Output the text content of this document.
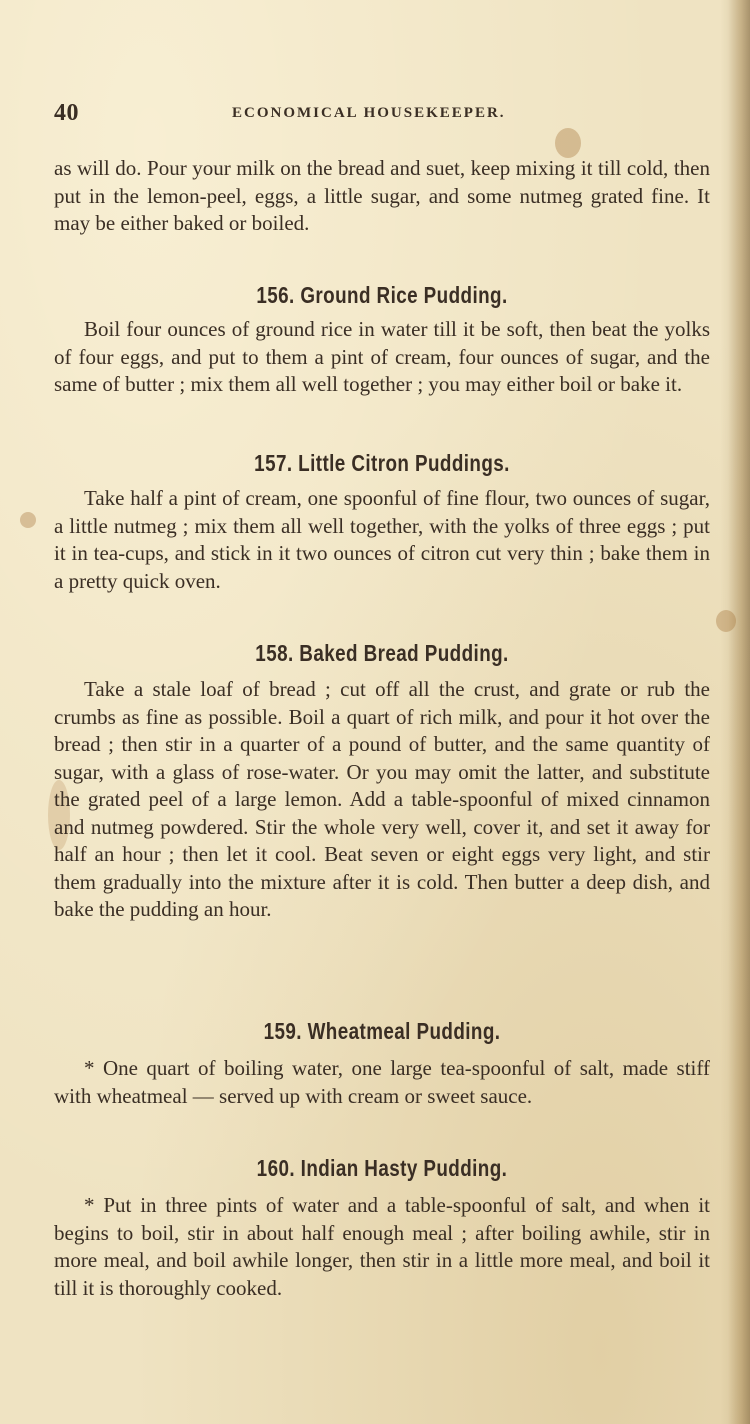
40	ECONOMICAL HOUSEKEEPER.

as will do. Pour your milk on the bread and suet, keep mixing it till cold, then put in the lemon-peel, eggs, a little sugar, and some nutmeg grated fine. It may be either baked or boiled.

156. Ground Rice Pudding.

Boil four ounces of ground rice in water till it be soft, then beat the yolks of four eggs, and put to them a pint of cream, four ounces of sugar, and the same of butter ; mix them all well together ; you may either boil or bake it.

157. Little Citron Puddings.

Take half a pint of cream, one spoonful of fine flour, two ounces of sugar, a little nutmeg ; mix them all well together, with the yolks of three eggs ; put it in tea-cups, and stick in it two ounces of citron cut very thin ; bake them in a pretty quick oven.

158. Baked Bread Pudding.

Take a stale loaf of bread ; cut off all the crust, and grate or rub the crumbs as fine as possible. Boil a quart of rich milk, and pour it hot over the bread ; then stir in a quarter of a pound of butter, and the same quantity of sugar, with a glass of rose-water. Or you may omit the latter, and substitute the grated peel of a large lemon. Add a table-spoonful of mixed cinnamon and nutmeg powdered. Stir the whole very well, cover it, and set it away for half an hour ; then let it cool. Beat seven or eight eggs very light, and stir them gradually into the mixture after it is cold. Then butter a deep dish, and bake the pudding an hour.

159. Wheatmeal Pudding.

* One quart of boiling water, one large tea-spoonful of salt, made stiff with wheatmeal — served up with cream or sweet sauce.

160. Indian Hasty Pudding.

* Put in three pints of water and a table-spoonful of salt, and when it begins to boil, stir in about half enough meal ; after boiling awhile, stir in more meal, and boil awhile longer, then stir in a little more meal, and boil it till it is thoroughly cooked.
